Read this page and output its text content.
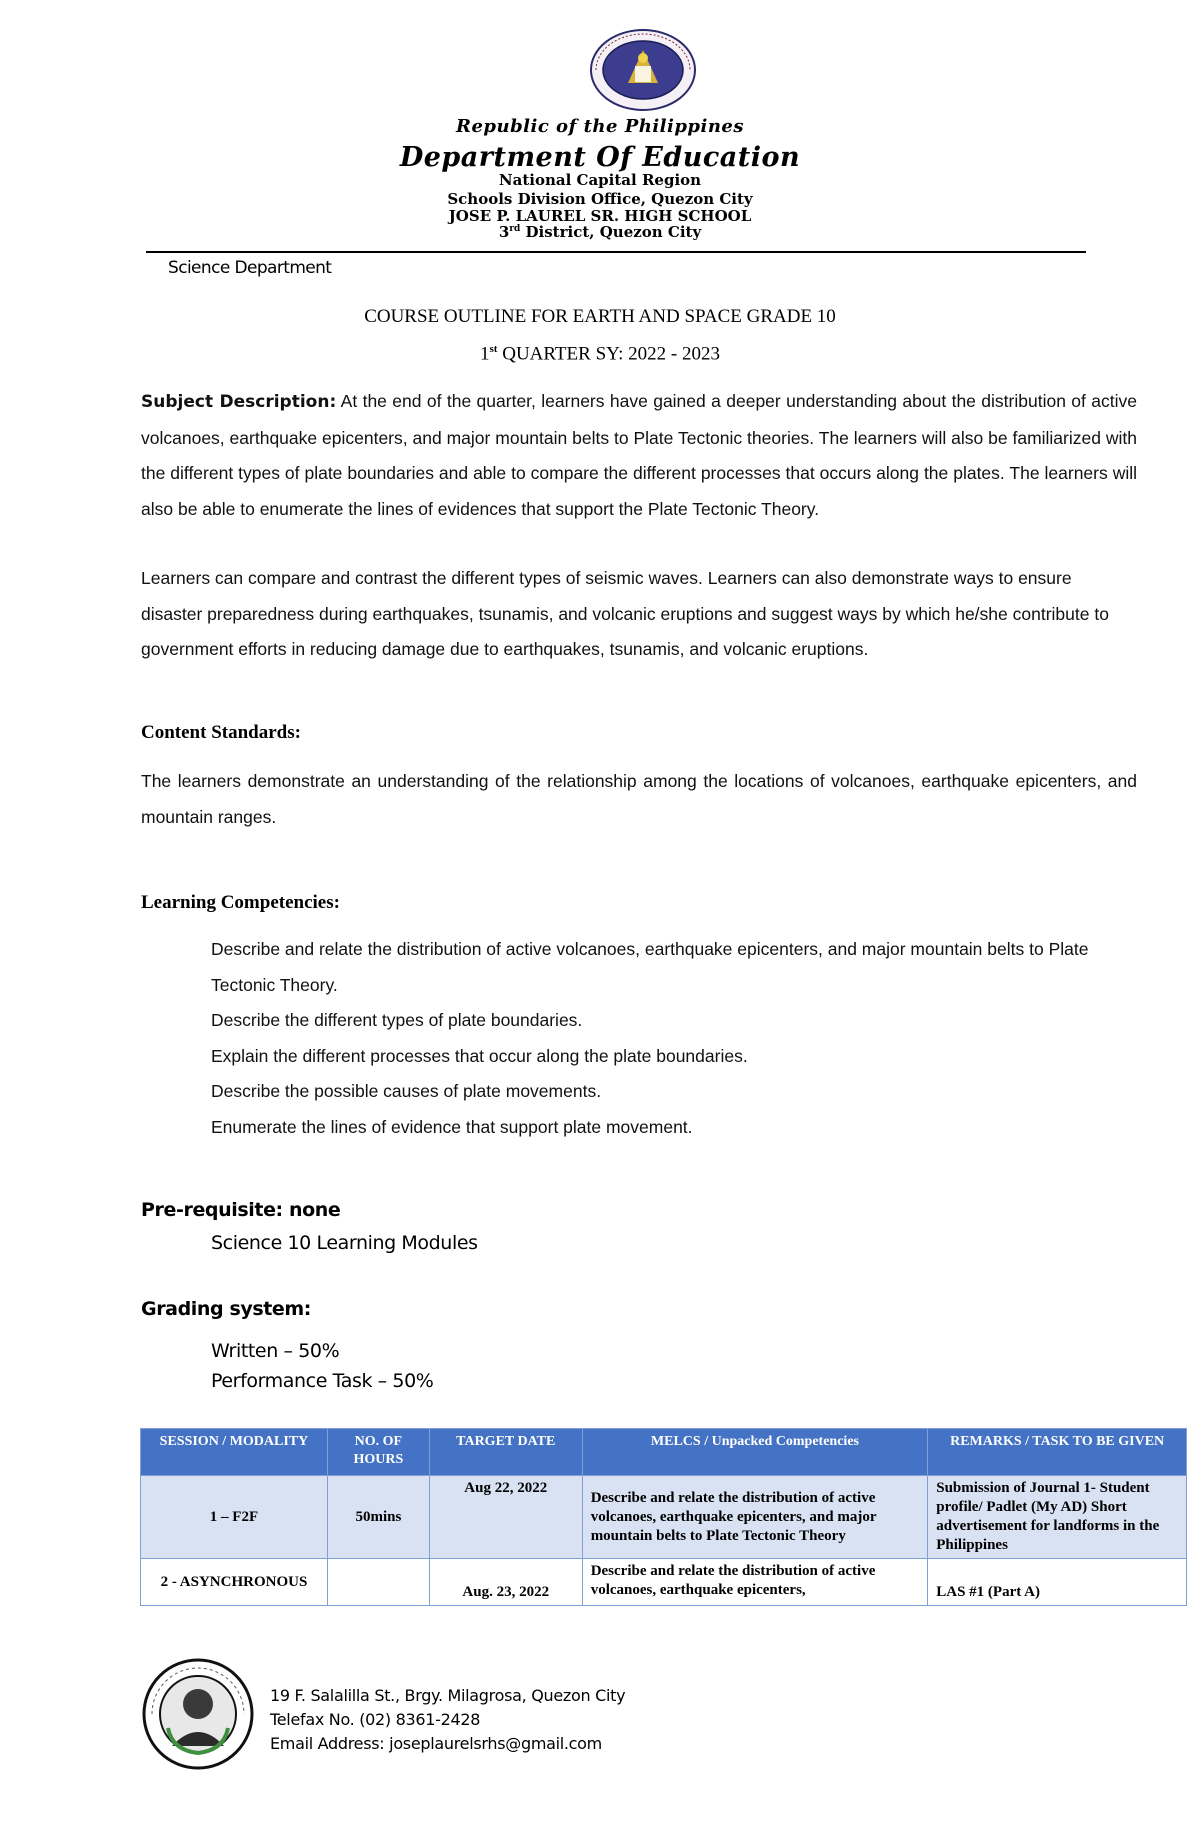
Republic of the Philippines
Department Of Education
National Capital Region
Schools Division Office, Quezon City
JOSE P. LAUREL SR. HIGH SCHOOL
3rd District, Quezon City
Science Department
COURSE OUTLINE FOR EARTH AND SPACE GRADE 10
1st QUARTER SY: 2022 - 2023
Subject Description: At the end of the quarter, learners have gained a deeper understanding about the distribution of active volcanoes, earthquake epicenters, and major mountain belts to Plate Tectonic theories. The learners will also be familiarized with the different types of plate boundaries and able to compare the different processes that occurs along the plates. The learners will also be able to enumerate the lines of evidences that support the Plate Tectonic Theory.
Learners can compare and contrast the different types of seismic waves. Learners can also demonstrate ways to ensure disaster preparedness during earthquakes, tsunamis, and volcanic eruptions and suggest ways by which he/she contribute to government efforts in reducing damage due to earthquakes, tsunamis, and volcanic eruptions.
Content Standards:
The learners demonstrate an understanding of the relationship among the locations of volcanoes, earthquake epicenters, and mountain ranges.
Learning Competencies:
Describe and relate the distribution of active volcanoes, earthquake epicenters, and major mountain belts to Plate Tectonic Theory.
Describe the different types of plate boundaries.
Explain the different processes that occur along the plate boundaries.
Describe the possible causes of plate movements.
Enumerate the lines of evidence that support plate movement.
Pre-requisite: none
Science 10 Learning Modules
Grading system:
Written – 50%
Performance Task – 50%
SESSION / MODALITY	NO. OF HOURS	TARGET DATE	MELCS / Unpacked Competencies	REMARKS / TASK TO BE GIVEN
1 – F2F	50mins	Aug 22, 2022	Describe and relate the distribution of active volcanoes, earthquake epicenters, and major mountain belts to Plate Tectonic Theory	Submission of Journal 1- Student profile/ Padlet (My AD) Short advertisement for landforms in the Philippines
2 - ASYNCHRONOUS		Aug. 23, 2022	Describe and relate the distribution of active volcanoes, earthquake epicenters,	LAS #1 (Part A)
19 F. Salalilla St., Brgy. Milagrosa, Quezon City
Telefax No. (02) 8361-2428
Email Address: joseplaurelsrhs@gmail.com
